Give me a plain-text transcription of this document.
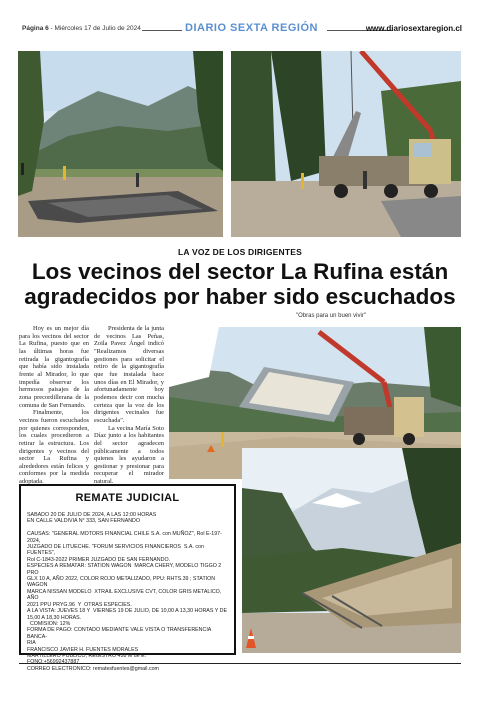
Página 6 - Miércoles 17 de Julio de 2024	DIARIO SEXTA REGIÓN	www.diariosextaregion.cl
LA VOZ DE LOS DIRIGENTES
Los vecinos del sector La Rufina están
agradecidos por haber sido escuchados
"Obras para un buen vivir"

Hoy es un mejor día para los vecinos del sector La Rufina, puesto que en las últimas horas fue retirada la gigantografía que había sido instalada frente al Mirador, lo que impedía observar los hermosos paisajes de la zona precordillerana de la comuna de San Fernando.

Finalmente, los vecinos fueron escuchados por quienes corresponden, los cuales procedieron a retirar la estructura. Los dirigentes y vecinos del sector La Rufina y alrededores están felices y conformes por la medida adoptada.

Presidenta de la junta de vecinos Las Peñas, Zoila Pavez Ángel indicó "Realizamos diversas gestiones para solicitar el retiro de la gigantografía que fue instalada hace unos días en El Mirador, y afortunadamente hoy podemos decir con mucha certeza que la voz de los dirigentes vecinales fue escuchada".

La vecina María Soto Díaz junto a los habitantes del sector agradecen públicamente a todos quienes les ayudaron a gestionar y presionar para recuperar el mirador natural.

REMATE JUDICIAL
SABADO 20 DE JULIO DE 2024, A LAS 12:00 HORAS
EN CALLE VALDIVIA N° 333, SAN FERNANDO

CAUSAS: "GENERAL MOTORS FINANCIAL CHILE S.A. con MUÑOZ", Rol E-197-2024,
JUZGADO DE LITUECHE. "FORUM SERVICIOS FINANCIEROS  S.A. con FUENTES",
Rol C-1843-2022 PRIMER JUZGADO DE SAN FERNANDO.
ESPECIES A REMATAR: STATION WAGON  MARCA CHERY, MODELO TIGGO 2 PRO
GLX 10 A, AÑO 2022, COLOR ROJO METALIZADO, PPU: RHTS.39 ; STATION WAGON
MARCA NISSAN MODELO  XTRAIL EXCLUSIVE CVT, COLOR GRIS METALICO, AÑO
2021 PPU PRYG.96  Y  OTRAS ESPECIES.
A LA VISTA: JUEVES 18 Y  VIERNES 19 DE JULIO, DE 10,00 A 13,30 HORAS Y DE
15,00 A 18,30 HORAS.
COMISION: 12%
FORMA DE PAGO: CONTADO MEDIANTE VALE VISTA O TRANSFERENCIA BANCA-
RIA
FRANCISCO JAVIER H. FUENTES MORALES
MARTILLERO PUBLICO, REGISTRO 458 M de E.
CORREO ELECTRONICO: rematesfuentes@gmail.com
